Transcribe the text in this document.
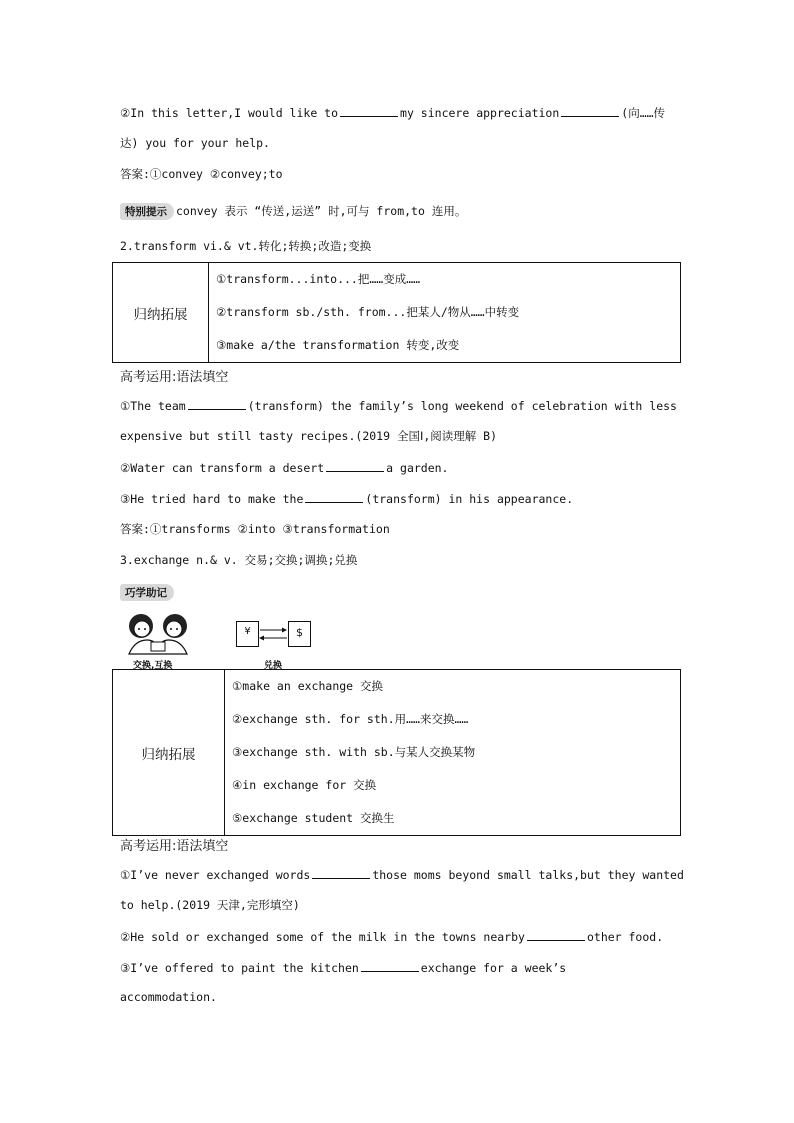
②In this letter,I would like to	my sincere appreciation	(向……传
达) you for your help.
答案:①convey ②convey;to
特别提示 convey 表示 “传送,运送” 时,可与 from,to 连用。
2.transform vi.& vt.转化;转换;改造;变换
归纳拓展	
①transform...into...把……变成……

②transform sb./sth. from...把某人/物从……中转变

③make a/the transformation 转变,改变
高考运用:语法填空
①The team	(transform) the family’s long weekend of celebration with less
expensive but still tasty recipes.(2019 全国Ⅰ,阅读理解 B)
②Water can transform a desert	a garden.
③He tried hard to make the	(transform) in his appearance.
答案:①transforms ②into ③transformation
3.exchange n.& v. 交易;交换;调换;兑换
巧学助记
交换,互换
¥	$
兑换
归纳拓展	
①make an exchange 交换

②exchange sth. for sth.用……来交换……

③exchange sth. with sb.与某人交换某物

④in exchange for 交换

⑤exchange student 交换生
高考运用:语法填空
①I’ve never exchanged words	those moms beyond small talks,but they wanted
to help.(2019 天津,完形填空)
②He sold or exchanged some of the milk in the towns nearby	other food.
③I’ve offered to paint the kitchen	exchange for a week’s
accommodation.
